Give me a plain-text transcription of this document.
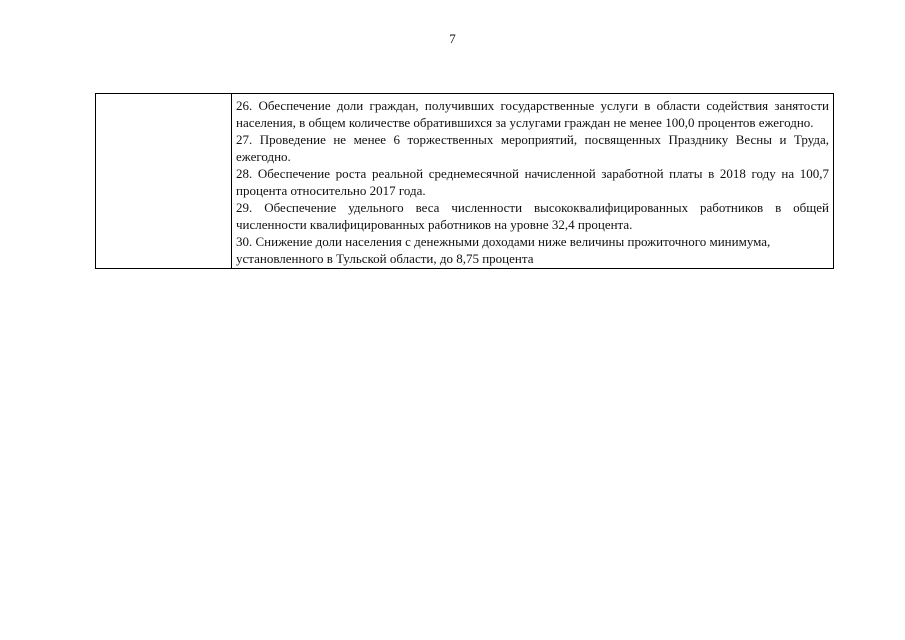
7

26. Обеспечение доли граждан, получивших государственные услуги в области содействия занятости населения, в общем количестве обратившихся за услугами граждан не менее 100,0 процентов ежегодно.

27. Проведение не менее 6 торжественных мероприятий, посвященных Празднику Весны и Труда, ежегодно.

28. Обеспечение роста реальной среднемесячной начисленной заработной платы в 2018 году на 100,7 процента относительно 2017 года.

29. Обеспечение удельного веса численности высококвалифицированных работников в общей численности квалифицированных работников на уровне 32,4 процента.

30. Снижение доли населения с денежными доходами ниже величины прожиточного минимума, установленного в Тульской области, до 8,75 процента
